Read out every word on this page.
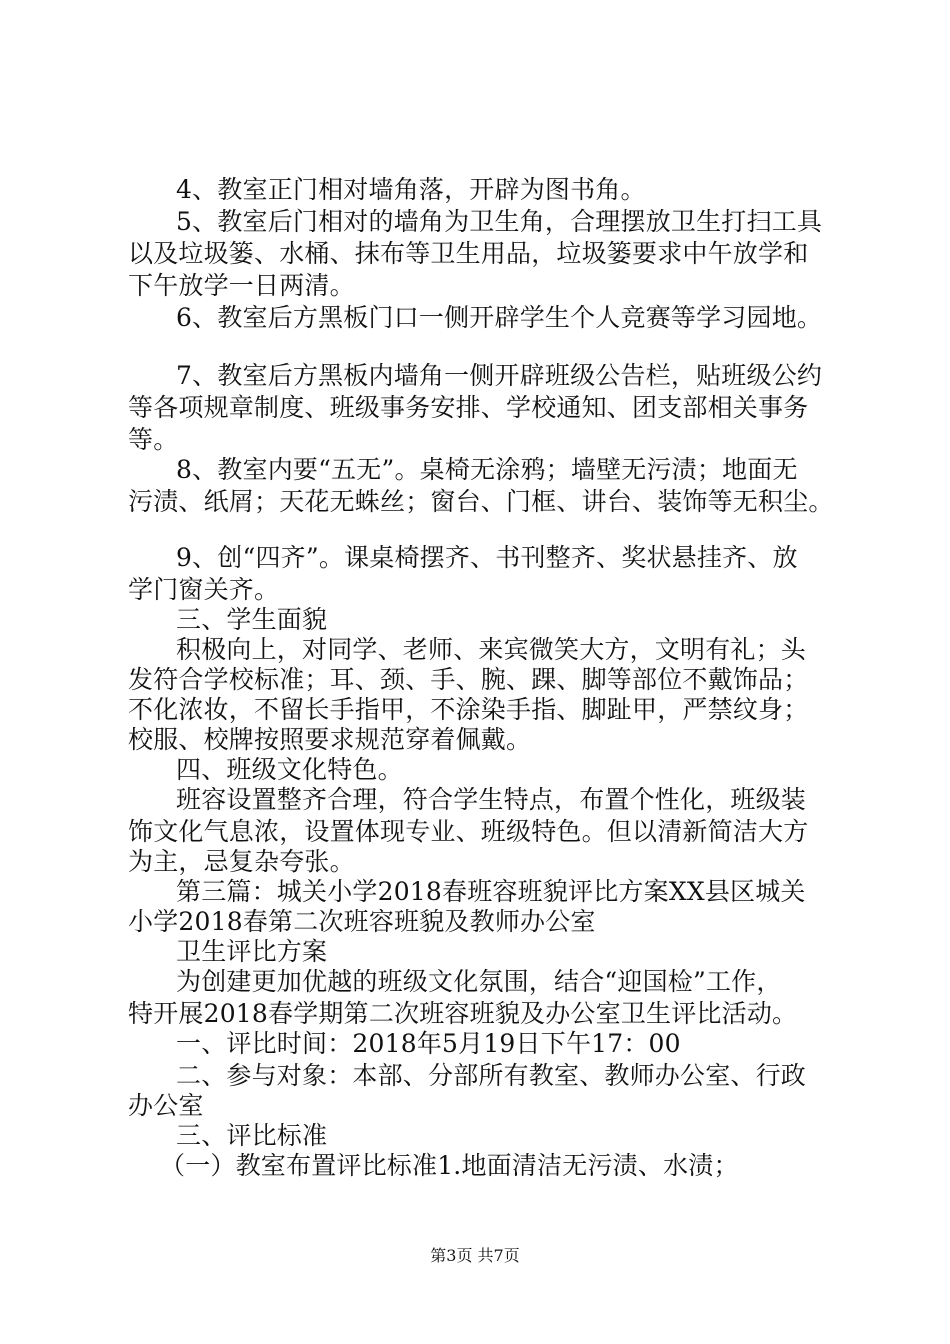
4、教室正门相对墙角落，开辟为图书角。
5、教室后门相对的墙角为卫生角，合理摆放卫生打扫工具
以及垃圾篓、水桶、抹布等卫生用品，垃圾篓要求中午放学和
下午放学一日两清。
6、教室后方黑板门口一侧开辟学生个人竞赛等学习园地。
7、教室后方黑板内墙角一侧开辟班级公告栏，贴班级公约
等各项规章制度、班级事务安排、学校通知、团支部相关事务
等。
8、教室内要“五无”。桌椅无涂鸦；墙壁无污渍；地面无
污渍、纸屑；天花无蛛丝；窗台、门框、讲台、装饰等无积尘。
9、创“四齐”。课桌椅摆齐、书刊整齐、奖状悬挂齐、放
学门窗关齐。
三、学生面貌
积极向上，对同学、老师、来宾微笑大方，文明有礼；头
发符合学校标准；耳、颈、手、腕、踝、脚等部位不戴饰品；
不化浓妆，不留长手指甲，不涂染手指、脚趾甲，严禁纹身；
校服、校牌按照要求规范穿着佩戴。
四、班级文化特色。
班容设置整齐合理，符合学生特点，布置个性化，班级装
饰文化气息浓，设置体现专业、班级特色。但以清新简洁大方
为主，忌复杂夸张。
第三篇：城关小学2018春班容班貌评比方案XX县区城关
小学2018春第二次班容班貌及教师办公室
卫生评比方案
为创建更加优越的班级文化氛围，结合“迎国检”工作，
特开展2018春学期第二次班容班貌及办公室卫生评比活动。
一、评比时间：2018年5月19日下午17：00
二、参与对象：本部、分部所有教室、教师办公室、行政
办公室
三、评比标准
（一）教室布置评比标准1.地面清洁无污渍、水渍；
第3页 共7页
